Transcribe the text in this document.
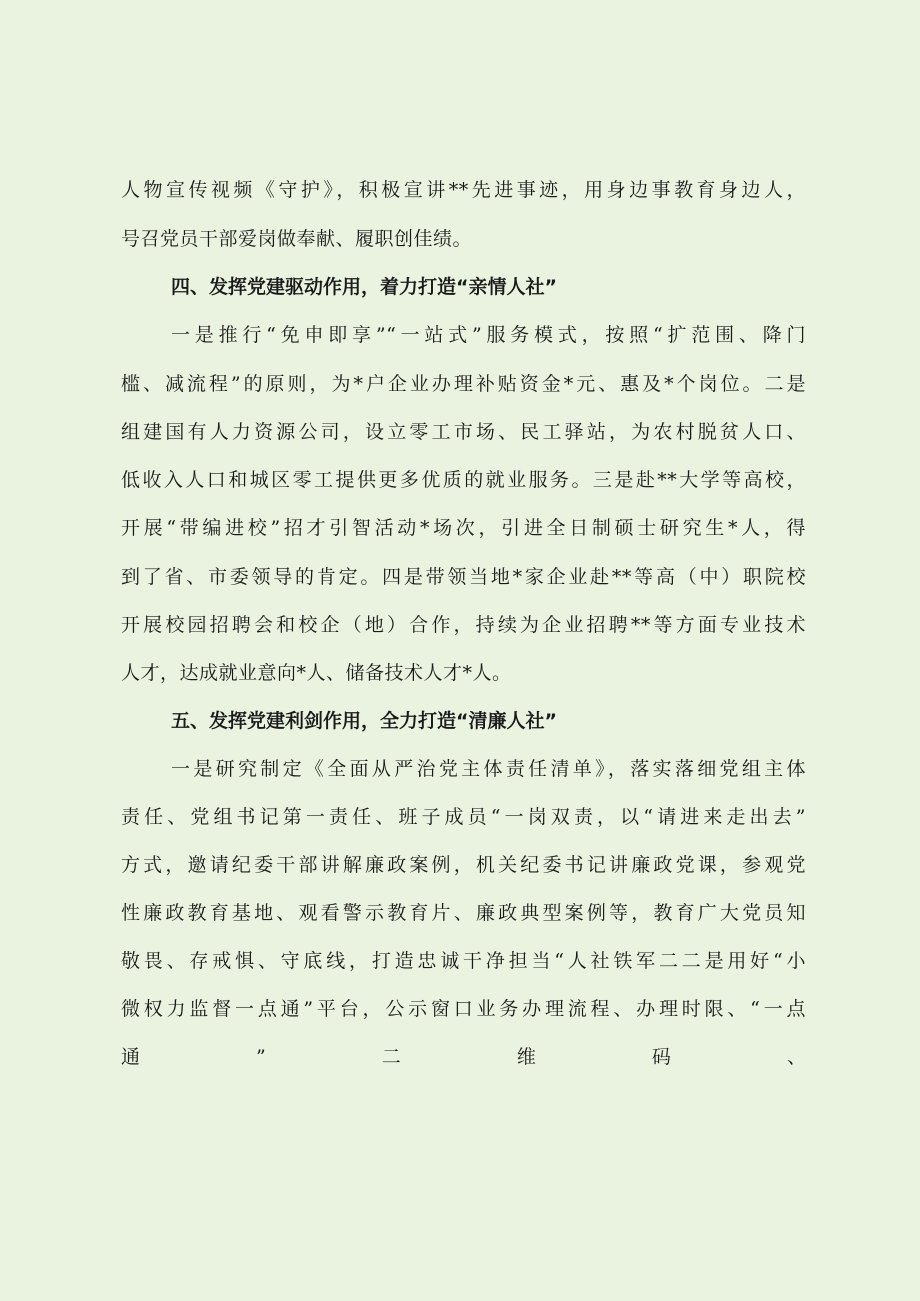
人物宣传视频《守护》，积极宣讲**先进事迹，用身边事教育身边人，
号召党员干部爱岗做奉献、履职创佳绩。
四、发挥党建驱动作用，着力打造“亲情人社”
一是推行“免申即享”“一站式”服务模式，按照“扩范围、降门
槛、减流程”的原则，为*户企业办理补贴资金*元、惠及*个岗位。二是
组建国有人力资源公司，设立零工市场、民工驿站，为农村脱贫人口、
低收入人口和城区零工提供更多优质的就业服务。三是赴**大学等高校，
开展“带编进校”招才引智活动*场次，引进全日制硕士研究生*人，得
到了省、市委领导的肯定。四是带领当地*家企业赴**等高（中）职院校
开展校园招聘会和校企（地）合作，持续为企业招聘**等方面专业技术
人才，达成就业意向*人、储备技术人才*人。
五、发挥党建利剑作用，全力打造“清廉人社”
一是研究制定《全面从严治党主体责任清单》，落实落细党组主体
责任、党组书记第一责任、班子成员“一岗双责，以“请进来走出去”
方式，邀请纪委干部讲解廉政案例，机关纪委书记讲廉政党课，参观党
性廉政教育基地、观看警示教育片、廉政典型案例等，教育广大党员知
敬畏、存戒惧、守底线，打造忠诚干净担当“人社铁军二二是用好“小
微权力监督一点通”平台，公示窗口业务办理流程、办理时限、“一点
通	”	二	维	码	、
